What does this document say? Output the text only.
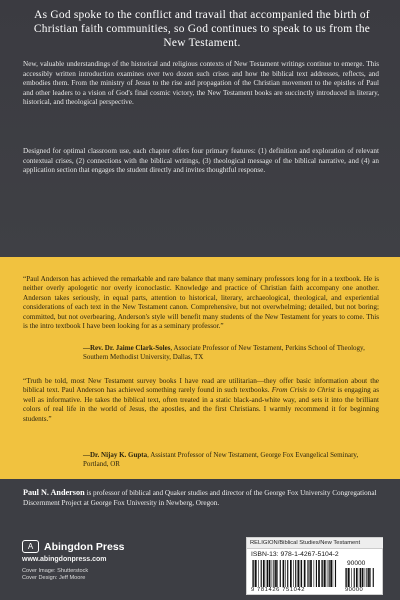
As God spoke to the conflict and travail that accompanied the birth of Christian faith communities, so God continues to speak to us from the New Testament.

New, valuable understandings of the historical and religious contexts of New Testament writings continue to emerge. This accessibly written introduction examines over two dozen such crises and how the biblical text addresses, reflects, and embodies them. From the ministry of Jesus to the rise and propagation of the Christian movement to the epistles of Paul and other leaders to a vision of God's final cosmic victory, the New Testament books are succinctly introduced in literary, historical, and theological perspective.

Designed for optimal classroom use, each chapter offers four primary features: (1) definition and exploration of relevant contextual crises, (2) connections with the biblical writings, (3) theological message of the biblical narrative, and (4) an application section that engages the student directly and invites thoughtful response.

“Paul Anderson has achieved the remarkable and rare balance that many seminary professors long for in a textbook. He is neither overly apologetic nor overly iconoclastic. Knowledge and practice of Christian faith accompany one another. Anderson takes seriously, in equal parts, attention to historical, literary, archaeological, theological, and experiential considerations of each text in the New Testament canon. Comprehensive, but not overwhelming; detailed, but not boring; committed, but not overbearing, Anderson's style will benefit many students of the New Testament for years to come. This is the intro textbook I have been looking for as a seminary professor.”

—Rev. Dr. Jaime Clark-Soles, Associate Professor of New Testament, Perkins School of Theology, Southern Methodist University, Dallas, TX

“Truth be told, most New Testament survey books I have read are utilitarian—they offer basic information about the biblical text. Paul Anderson has achieved something rarely found in such textbooks. From Crisis to Christ is engaging as well as informative. He takes the biblical text, often treated in a static black-and-white way, and sets it into the brilliant colors of real life in the world of Jesus, the apostles, and the first Christians. I warmly recommend it for beginning students.”

—Dr. Nijay K. Gupta, Assistant Professor of New Testament, George Fox Evangelical Seminary, Portland, OR

Paul N. Anderson is professor of biblical and Quaker studies and director of the George Fox University Congregational Discernment Project at George Fox University in Newberg, Oregon.

A	Abingdon Press
www.abingdonpress.com
Cover Image: Shutterstock
Cover Design: Jeff Moore
RELIGION/Biblical Studies/New Testament
ISBN-13: 978-1-4267-5104-2
90000
9 781426 751042	90000
